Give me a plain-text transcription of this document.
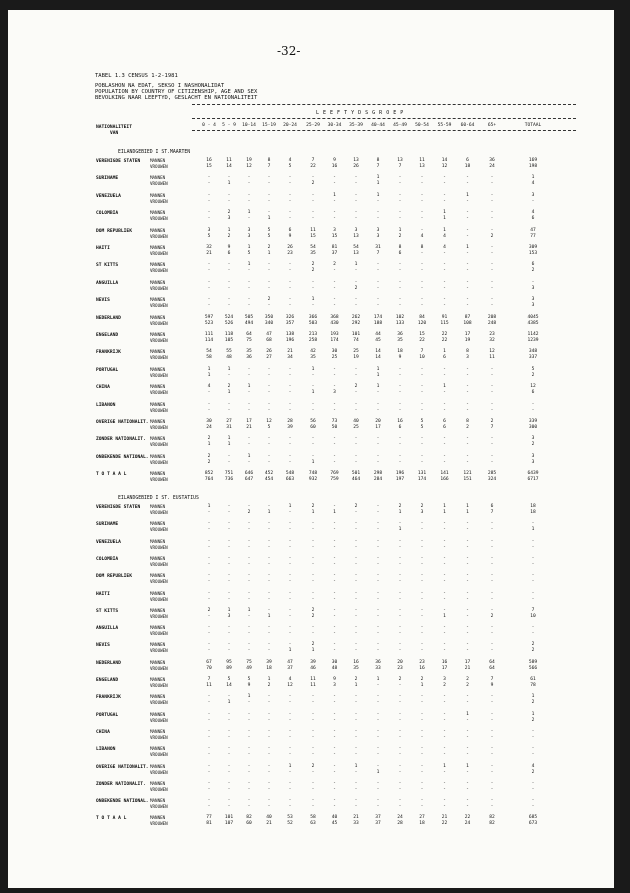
-32-
TABEL 1.3 CENSUS 1-2-1981
POBLASHON NA EDAT, SEKSO I NASHONALIDAT
POPULATION BY COUNTRY OF CITIZENSHIP, AGE AND SEX
BEVOLKING NAAR LEEFTYD, GESLACHT EN NATIONALITEIT
L E E F T Y D S G R O E P
0 - 4	5 - 9	10-14	15-19	20-24	25-29	30-34	35-39	40-44	45-49	50-54	55-59	60-64	65+	TOTAAL
NATIONALITEIT
VAN
EILANDGEBIED I ST.MAARTEN
VERENIGDE STATEN MANNEN	16	11	19	8	4	7	9	13	8	13	11	14	6	36	169
VROUWEN	15	14	12	7	5	22	16	26	7	7	13	12	18	24	198
SURINAME	MANNEN	-	-	-	-	-	-	-	-	1	-	-	-	-	-	1
VROUWEN	-	1	-	-	-	2	-	-	1	-	-	-	-	-	4
VENEZUELA	MANNEN	-	-	-	-	-	-	1	-	1	-	-	-	1	-	3
VROUWEN	-	-	-	-	-	-	-	-	-	-	-	-	-	-	-
COLOMBIA	MANNEN	-	2	1	-	-	-	-	-	-	-	-	1	-	-	4
VROUWEN	-	3	-	1	-	-	-	-	-	-	-	1	-	-	6
DOM REPUBLIEK	MANNEN	3	1	3	5	6	11	3	3	3	1	-	1	-	-	47
VROUWEN	5	2	3	5	9	15	15	13	3	2	4	4	-	2	77
HAITI	MANNEN	32	9	1	2	26	54	81	54	31	8	8	4	1	-	309
VROUWEN	21	6	5	1	23	35	37	13	7	6	-	-	-	-	153
ST KITTS	MANNEN	-	-	1	-	-	2	2	1	-	-	-	-	-	-	6
VROUWEN	-	-	-	-	-	2	-	-	-	-	-	-	-	-	2
ANGUILLA	MANNEN	-	-	-	-	-	-	-	-	-	-	-	-	-	-	-
VROUWEN	-	-	-	-	-	-	-	2	-	-	-	-	-	-	3
NEVIS	MANNEN	-	-	-	2	-	1	-	-	-	-	-	-	-	-	3
VROUWEN	-	-	-	-	-	-	-	-	-	-	-	-	-	-	3
NEDERLAND	MANNEN	597	524	505	350	326	366	368	262	174	102	84	91	87	208	4045
VROUWEN	523	526	494	340	357	503	430	292	188	133	120	115	108	248	4385
ENGELAND	MANNEN	111	118	64	47	138	213	193	101	44	36	15	22	17	23	1142
VROUWEN	114	105	75	68	196	258	174	74	45	35	22	22	19	32	1239
FRANKRIJK	MANNEN	54	55	35	26	21	42	30	25	14	18	7	1	8	12	348
VROUWEN	58	48	36	27	34	35	25	19	14	9	10	6	3	11	337
PORTUGAL	MANNEN	1	1	-	-	-	1	-	-	1	-	-	-	-	-	5
VROUWEN	1	-	-	-	-	-	-	-	1	-	-	-	-	-	2
CHINA	MANNEN	4	2	1	-	-	-	-	2	1	-	-	1	-	-	12
VROUWEN	-	1	-	-	-	1	3	-	-	-	-	-	-	-	6
LIBANON	MANNEN	-	-	-	-	-	-	-	-	-	-	-	-	-	-	-
VROUWEN	-	-	-	-	-	-	-	-	-	-	-	-	-	-	-
OVERIGE NATIONALIT. MANNEN	30	27	17	12	28	56	73	40	20	16	5	6	8	2	339
VROUWEN	24	31	21	5	39	60	50	25	17	6	5	6	2	7	300
ZONDER NATIONALIT. MANNEN	2	1	-	-	-	-	-	-	-	-	-	-	-	-	3
VROUWEN	1	1	-	-	-	-	-	-	-	-	-	-	-	-	2
ONBEKENDE NATIONAL. MANNEN	2	-	1	-	-	-	-	-	-	-	-	-	-	-	3
VROUWEN	2	-	-	-	-	1	-	-	-	-	-	-	-	-	3
T O T A A L	MANNEN	852	751	646	452	548	748	769	501	298	196	131	141	121	285	6439
VROUWEN	764	736	647	454	663	932	759	464	284	197	174	166	151	324	6717
EILANDGEBIED I ST. EUSTATIUS
VERENIGDE STATEN MANNEN	1	-	-	-	1	2	-	2	-	2	2	1	1	6	18
VROUWEN	-	-	2	1	-	1	1	-	-	1	3	1	1	7	18
SURINAME	MANNEN	-	-	-	-	-	-	-	-	-	-	-	-	-	-	-
VROUWEN	-	-	-	-	-	-	-	-	-	1	-	-	-	-	1
VENEZUELA	MANNEN	-	-	-	-	-	-	-	-	-	-	-	-	-	-	-
VROUWEN	-	-	-	-	-	-	-	-	-	-	-	-	-	-	-
COLOMBIA	MANNEN	-	-	-	-	-	-	-	-	-	-	-	-	-	-	-
VROUWEN	-	-	-	-	-	-	-	-	-	-	-	-	-	-	-
DOM REPUBLIEK	MANNEN	-	-	-	-	-	-	-	-	-	-	-	-	-	-	-
VROUWEN	-	-	-	-	-	-	-	-	-	-	-	-	-	-	-
HAITI	MANNEN	-	-	-	-	-	-	-	-	-	-	-	-	-	-	-
VROUWEN	-	-	-	-	-	-	-	-	-	-	-	-	-	-	-
ST KITTS	MANNEN	2	1	1	-	-	2	-	-	-	-	-	-	-	-	7
VROUWEN	-	3	-	1	-	2	-	-	-	-	-	1	-	2	10
ANGUILLA	MANNEN	-	-	-	-	-	-	-	-	-	-	-	-	-	-	-
VROUWEN	-	-	-	-	-	-	-	-	-	-	-	-	-	-	-
NEVIS	MANNEN	-	-	-	-	-	2	-	-	-	-	-	-	-	-	2
VROUWEN	-	-	-	-	1	1	-	-	-	-	-	-	-	-	2
NEDERLAND	MANNEN	67	95	75	39	47	39	30	16	36	20	23	16	17	64	589
VROUWEN	70	89	49	18	37	46	48	35	33	23	16	17	21	64	566
ENGELAND	MANNEN	7	5	5	1	4	11	9	2	1	2	2	3	2	7	61
VROUWEN	11	14	9	2	12	11	3	1	-	-	1	2	2	9	78
FRANKRIJK	MANNEN	-	-	1	-	-	-	-	-	-	-	-	-	-	-	1
VROUWEN	-	1	-	-	-	-	-	-	-	-	-	-	-	-	2
PORTUGAL	MANNEN	-	-	-	-	-	-	-	-	-	-	-	-	1	-	1
VROUWEN	-	-	-	-	-	-	-	-	-	-	-	-	-	-	2
CHINA	MANNEN	-	-	-	-	-	-	-	-	-	-	-	-	-	-	-
VROUWEN	-	-	-	-	-	-	-	-	-	-	-	-	-	-	-
LIBANON	MANNEN	-	-	-	-	-	-	-	-	-	-	-	-	-	-	-
VROUWEN	-	-	-	-	-	-	-	-	-	-	-	-	-	-	-
OVERIGE NATIONALIT. MANNEN	-	-	-	-	1	2	-	1	-	-	-	1	1	-	4
VROUWEN	-	-	-	-	-	-	-	-	1	-	-	-	-	-	2
ZONDER NATIONALIT. MANNEN	-	-	-	-	-	-	-	-	-	-	-	-	-	-	-
VROUWEN	-	-	-	-	-	-	-	-	-	-	-	-	-	-	-
ONBEKENDE NATIONAL. MANNEN	-	-	-	-	-	-	-	-	-	-	-	-	-	-	-
VROUWEN	-	-	-	-	-	-	-	-	-	-	-	-	-	-	-
T O T A A L	MANNEN	77	101	82	40	53	58	40	21	37	24	27	21	22	82	685
VROUWEN	81	107	60	21	52	63	45	33	37	28	18	22	24	82	673
